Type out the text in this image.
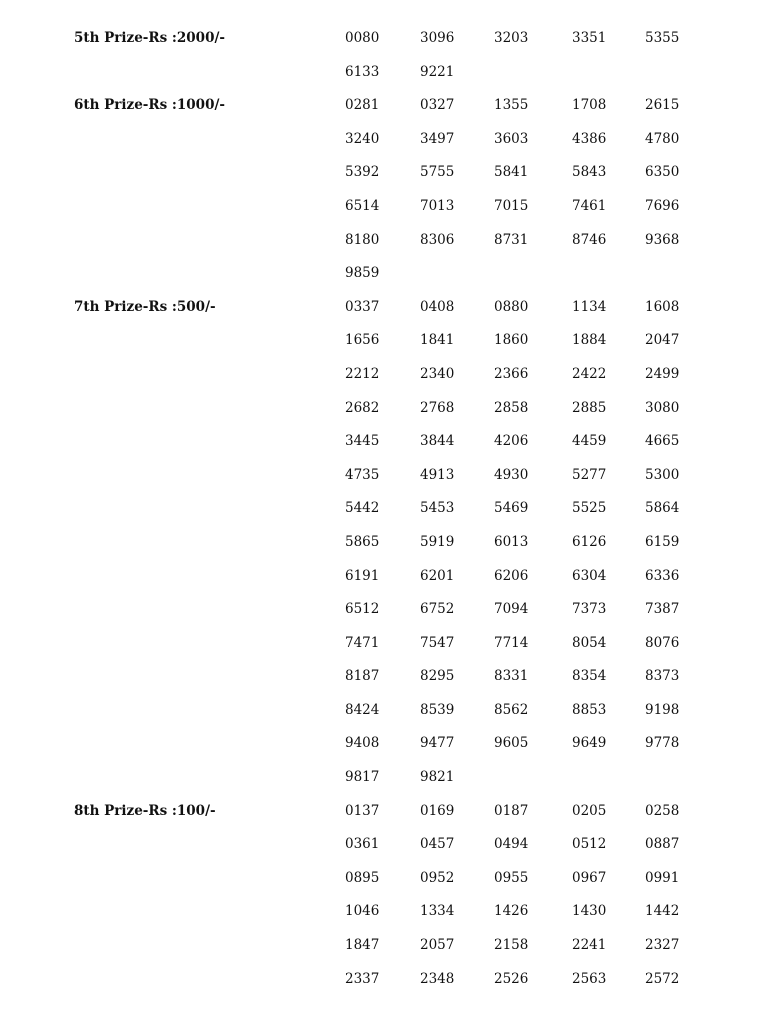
5th Prize-Rs :2000/-	0080	3096	3203	3351	5355
6133	9221
6th Prize-Rs :1000/-	0281	0327	1355	1708	2615
3240	3497	3603	4386	4780
5392	5755	5841	5843	6350
6514	7013	7015	7461	7696
8180	8306	8731	8746	9368
9859
7th Prize-Rs :500/-	0337	0408	0880	1134	1608
1656	1841	1860	1884	2047
2212	2340	2366	2422	2499
2682	2768	2858	2885	3080
3445	3844	4206	4459	4665
4735	4913	4930	5277	5300
5442	5453	5469	5525	5864
5865	5919	6013	6126	6159
6191	6201	6206	6304	6336
6512	6752	7094	7373	7387
7471	7547	7714	8054	8076
8187	8295	8331	8354	8373
8424	8539	8562	8853	9198
9408	9477	9605	9649	9778
9817	9821
8th Prize-Rs :100/-	0137	0169	0187	0205	0258
0361	0457	0494	0512	0887
0895	0952	0955	0967	0991
1046	1334	1426	1430	1442
1847	2057	2158	2241	2327
2337	2348	2526	2563	2572
